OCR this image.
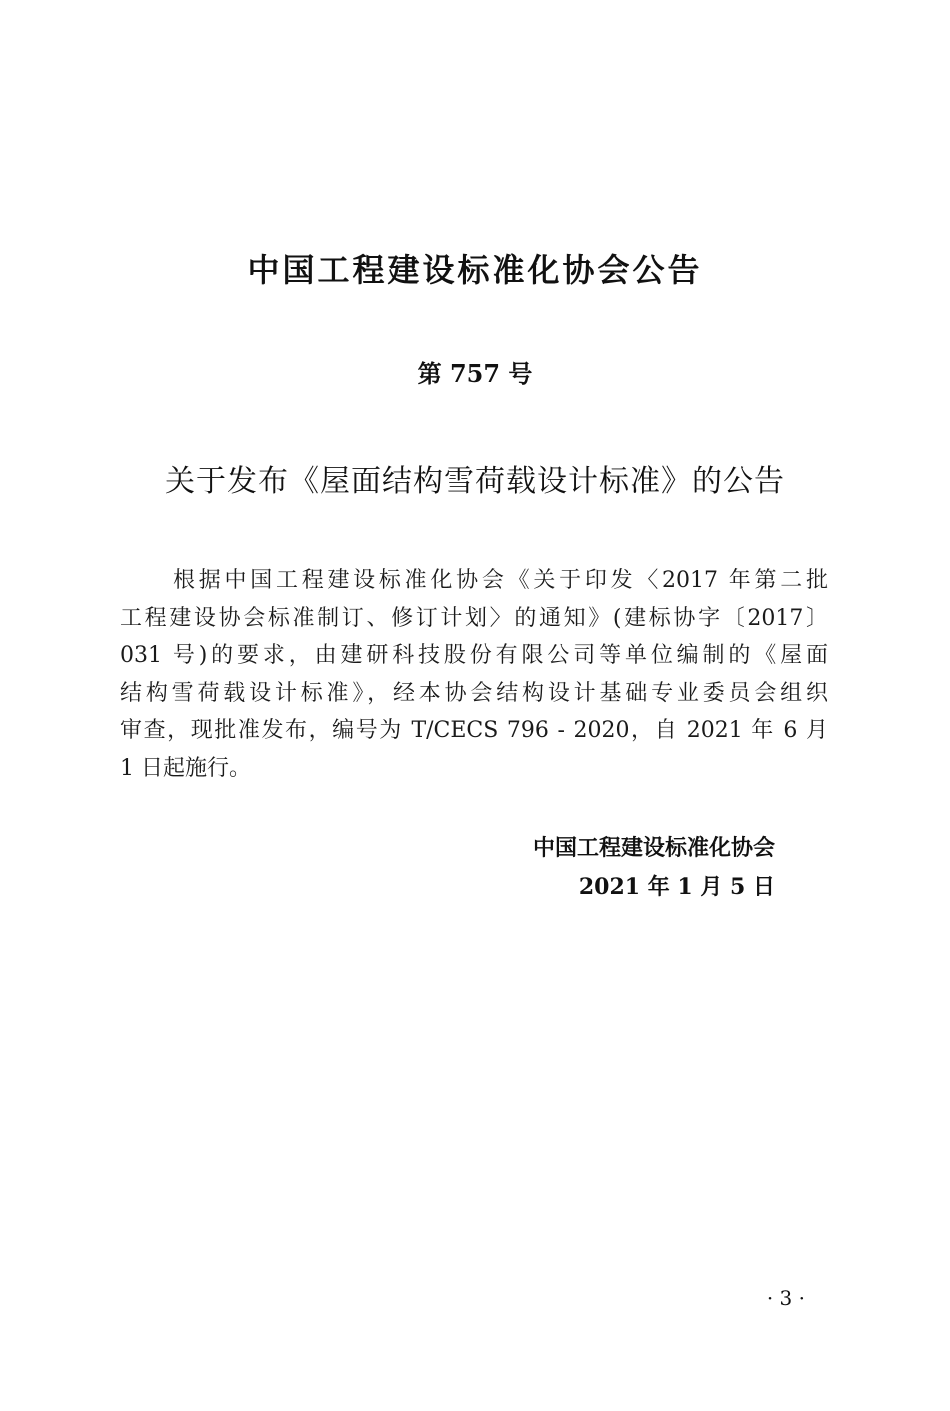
中国工程建设标准化协会公告
第 757 号
关于发布《屋面结构雪荷载设计标准》的公告
根据中国工程建设标准化协会《关于印发〈2017 年第二批
工程建设协会标准制订、修订计划〉的通知》(建标协字〔2017〕
031 号)的要求，由建研科技股份有限公司等单位编制的《屋面
结构雪荷载设计标准》，经本协会结构设计基础专业委员会组织
审查，现批准发布，编号为 T/CECS 796 - 2020，自 2021 年 6 月
1 日起施行。
中国工程建设标准化协会
2021 年 1 月 5 日
· 3 ·
